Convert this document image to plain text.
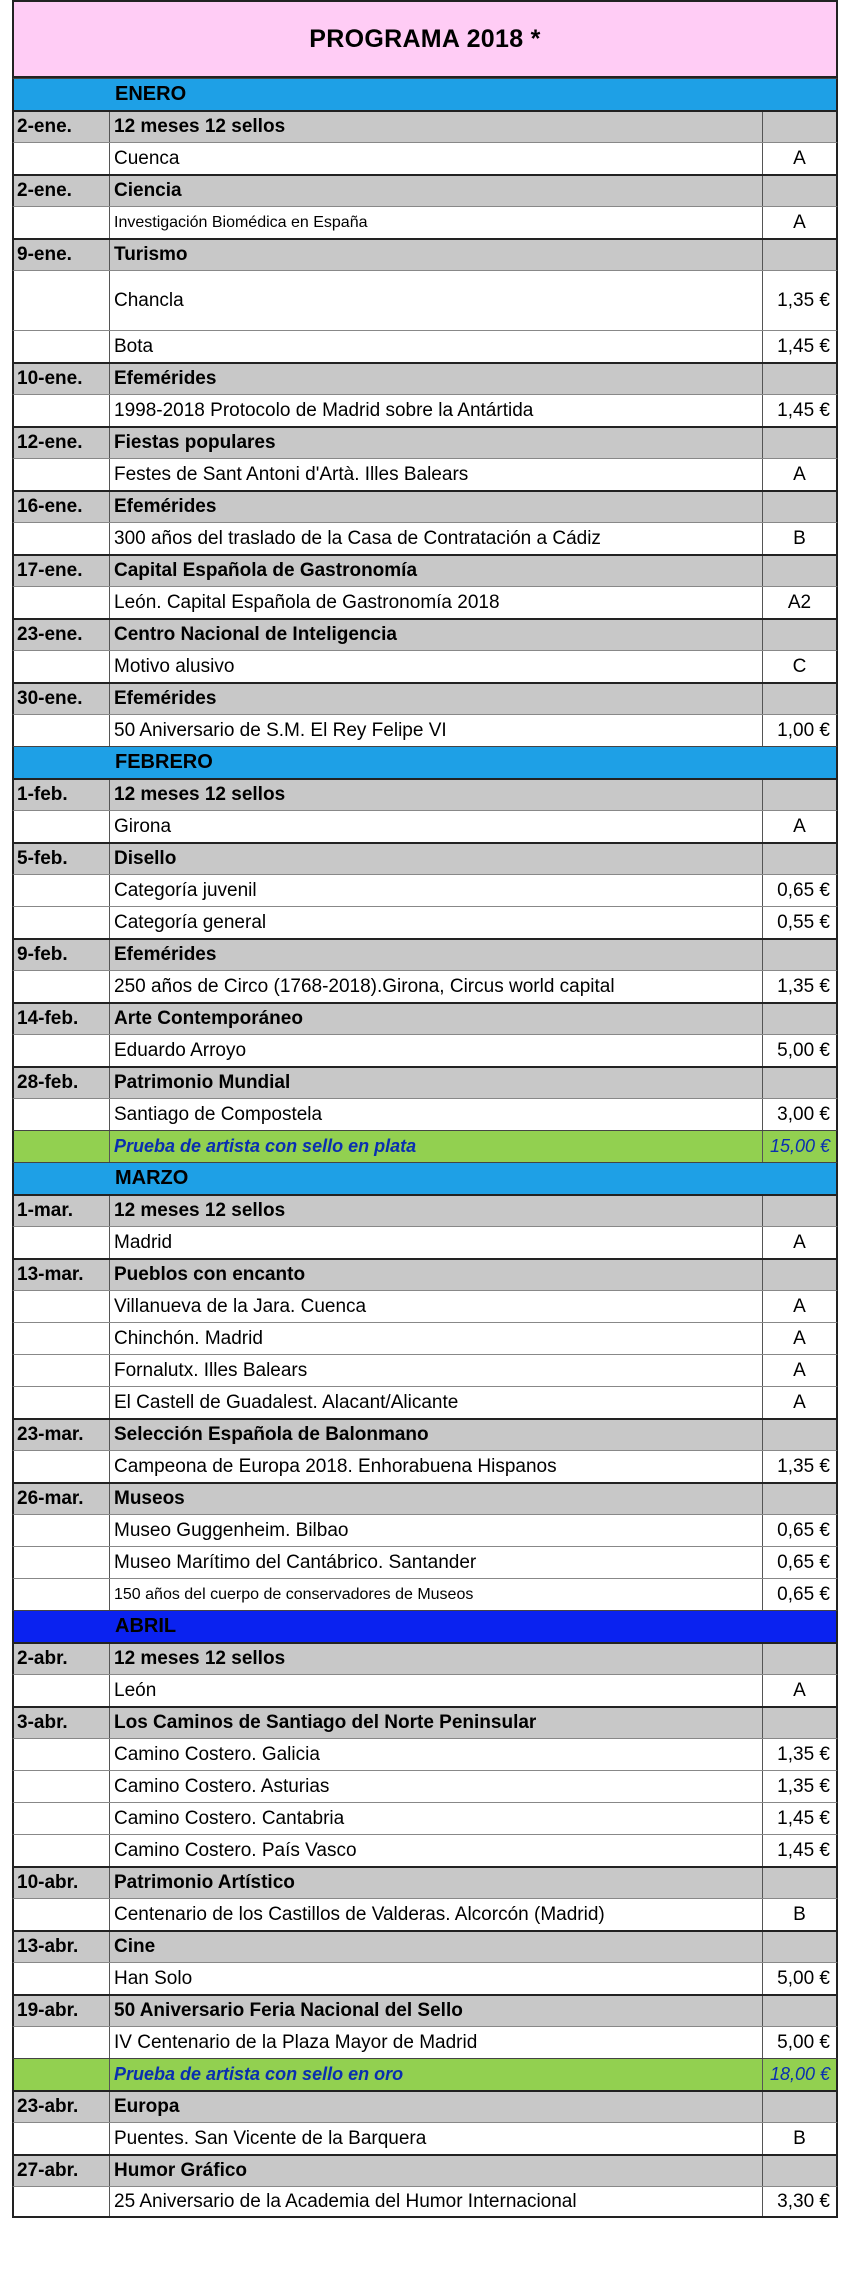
PROGRAMA 2018 *
ENERO
2-ene.	12 meses 12 sellos
Cuenca	A
2-ene.	Ciencia
Investigación Biomédica en España	A
9-ene.	Turismo
Chancla	1,35 €
Bota	1,45 €
10-ene.	Efemérides
1998-2018 Protocolo de Madrid sobre la Antártida	1,45 €
12-ene.	Fiestas populares
Festes de Sant Antoni d'Artà. Illes Balears	A
16-ene.	Efemérides
300 años del traslado de la Casa de Contratación a Cádiz	B
17-ene.	Capital Española de Gastronomía
León. Capital Española de Gastronomía 2018	A2
23-ene.	Centro Nacional de Inteligencia
Motivo alusivo	C
30-ene.	Efemérides
50 Aniversario de S.M. El Rey Felipe VI	1,00 €
FEBRERO
1-feb.	12 meses 12 sellos
Girona	A
5-feb.	Disello
Categoría juvenil	0,65 €
Categoría general	0,55 €
9-feb.	Efemérides
250 años de Circo (1768-2018).Girona, Circus world capital	1,35 €
14-feb.	Arte Contemporáneo
Eduardo Arroyo	5,00 €
28-feb.	Patrimonio Mundial
Santiago de Compostela	3,00 €
Prueba de artista con sello en plata	15,00 €
MARZO
1-mar.	12 meses 12 sellos
Madrid	A
13-mar.	Pueblos con encanto
Villanueva de la Jara. Cuenca	A
Chinchón. Madrid	A
Fornalutx. Illes Balears	A
El Castell de Guadalest. Alacant/Alicante	A
23-mar.	Selección Española de Balonmano
Campeona de Europa 2018. Enhorabuena Hispanos	1,35 €
26-mar.	Museos
Museo Guggenheim. Bilbao	0,65 €
Museo Marítimo del Cantábrico. Santander	0,65 €
150 años del cuerpo de conservadores de Museos	0,65 €
ABRIL
2-abr.	12 meses 12 sellos
León	A
3-abr.	Los Caminos de Santiago del Norte Peninsular
Camino Costero. Galicia	1,35 €
Camino Costero. Asturias	1,35 €
Camino Costero. Cantabria	1,45 €
Camino Costero. País Vasco	1,45 €
10-abr.	Patrimonio Artístico
Centenario de los Castillos de Valderas. Alcorcón (Madrid)	B
13-abr.	Cine
Han Solo	5,00 €
19-abr.	50 Aniversario Feria Nacional del Sello
IV Centenario de la Plaza Mayor de Madrid	5,00 €
Prueba de artista con sello en oro	18,00 €
23-abr.	Europa
Puentes. San Vicente de la Barquera	B
27-abr.	Humor Gráfico
25 Aniversario de la Academia del Humor Internacional	3,30 €
